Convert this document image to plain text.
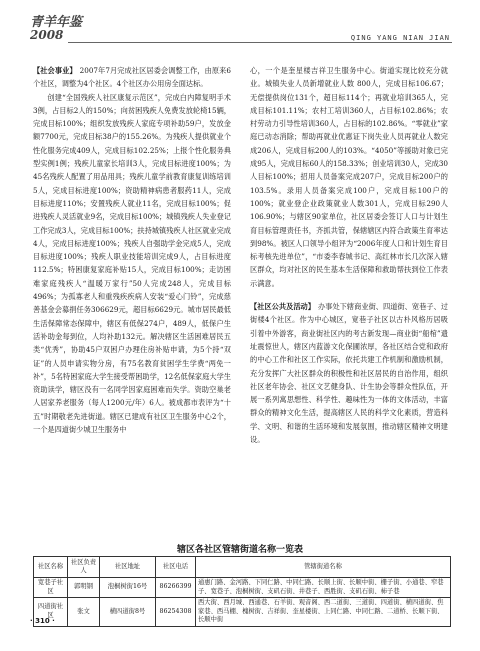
青羊年鉴
2008	QING YANG NIAN JIAN

【社会事业】 2007年7月完成社区居委会调整工作，由原来6个社区，调整为4个社区。4个社区办公用房全面达标。

创建“全国残疾人社区康复示范区”，完成白内障复明手术3例，占目标2人的150%；向贫困残疾人免费发放轮椅15辆，完成目标100%；组织发放残疾人家庭专项补助59户，发放金额7700元，完成目标38户的155.26%。为残疾人提供就业个性化服务完成409人，完成目标102.25%；上报个性化服务典型实例1例；残疾儿童家长培训3人，完成目标进度100%；为45名残疾人配置了用品用具；残疾儿童学前教育康复训练培训5人，完成目标进度100%；资助精神病患者服药11人，完成目标进度110%；安置残疾人就业11名，完成目标100%；促进残疾人灵活就业9名，完成目标100%；城镇残疾人失业登记工作完成3人，完成目标100%；扶持城镇残疾人社区就业完成4人，完成目标进度100%；残疾人自强助学金完成5人，完成目标进度100%；残疾人职业技能培训完成9人，占目标进度112.5%；特困康复家庭补贴15人，完成目标100%；走访困难家庭残疾人“温暖万家行”50人完成248人，完成目标496%；为孤寡老人和重残疾疾病人安装“爱心门铃”，完成慈善基金会募捐任务306629元，超目标6629元。城市居民最低生活保障常态保障中，辖区有低保274户，489人，低保户生活补助金每到位，人均补助132元。解决辖区生活困难居民五类“优秀”，协助45户双困户办理住房补贴申请，为5个持“双证”的人员申请实物分房，有75名教育贫困学生学费“两免一补”，5名特困家庭大学生接受帮困助学，12名低保家庭大学生资助读学，辖区没有一名同学因家庭困难而失学。资助空巢老人居家养老服务（每人1200元/年）6人。被成都市表评为“十五”时期敬老先进街道。辖区已建成有社区卫生服务中心2个，一个是四道街少城卫生服务中

心，一个是奎星楼吉祥卫生服务中心。街道实现比较充分就业。城镇失业人员新增就业人数 800人，完成目标106.67；无偿提供岗位131个，超目标114个；再就业培训365人，完成目标101.11%；农村工培训360人，占目标102.86%；农村劳动力引导性培训360人，占目标的102.86%。“零就业”家庭已动态消除；帮助再就业优惠证下岗失业人员再就业人数完成206人，完成目标200人的103%。“4050”等援助对象已完成95人，完成目标60人的158.33%；创业培训30人，完成30人目标100%；招用人员备案完成207户，完成目标200户的103.5%。录用人员备案完成100户，完成目标100户的100%；就业登企业政策就业人数301人，完成目标290人106.90%；与辖区90家单位，社区居委会签订人口与计划生育目标管理责任书，齐抓共管，保辖辖区内符合政策生育率达到98%。被区人口领导小组评为“2006年度人口和计划生育目标考核先进单位”，“市委李春城书记、高红林市长几次深入辖区群众，均对社区的民生基本生活保障和救助帮扶到位工作表示满意。

【社区公共及活动】 办事处下辖商业街、四道街、宽巷子、过街楼4个社区。作为中心城区，宽巷子社区以古朴风格历居吸引着中外游客，商业街社区内的考古新发现—商业街“船棺”遗址震惊世人，辖区内蓝游文化保圃浓厚，各社区结合党和政府的中心工作和社区工作实际，依托共建工作机制和激励机制，充分发挥广大社区群众的积极性和社区居民的自治作用，组织社区老年协会、社区文艺健身队、计生协会等群众性队伍，开展一系列寓思想性、科学性、趣味性为一体的文体活动，丰富群众的精神文化生活，提高辖区人民的科学文化素质，营造科学、文明、和谐的生活环境和发展氛围，推动辖区精神文明建设。

辖区各社区管辖街道名称一览表
社区名称	社区负责人	社区地址	社区电话	管辖街道名称
宽巷子社区	郭明钢	泡桐树街16号	86266399	通惠门路、金河路、下同仁路、中同仁路、长顺上街、长顺中街、栅子街、小通巷、窄巷子、宽巷子、泡桐树街、支矶石街、井巷子、西胜街、支矶石街、柿子巷
四道街社区	张文	横四道街8号	86254308	西大街、西月城、西通巷、石羊街、观音阁、西二道街、三道街、四道街、横四道街、焦家巷、西马棚、槐树街、吉祥街、奎星楼街、上同仁路、中同仁路、二道桥、长顺下街、长顺中街
· 310 ·
